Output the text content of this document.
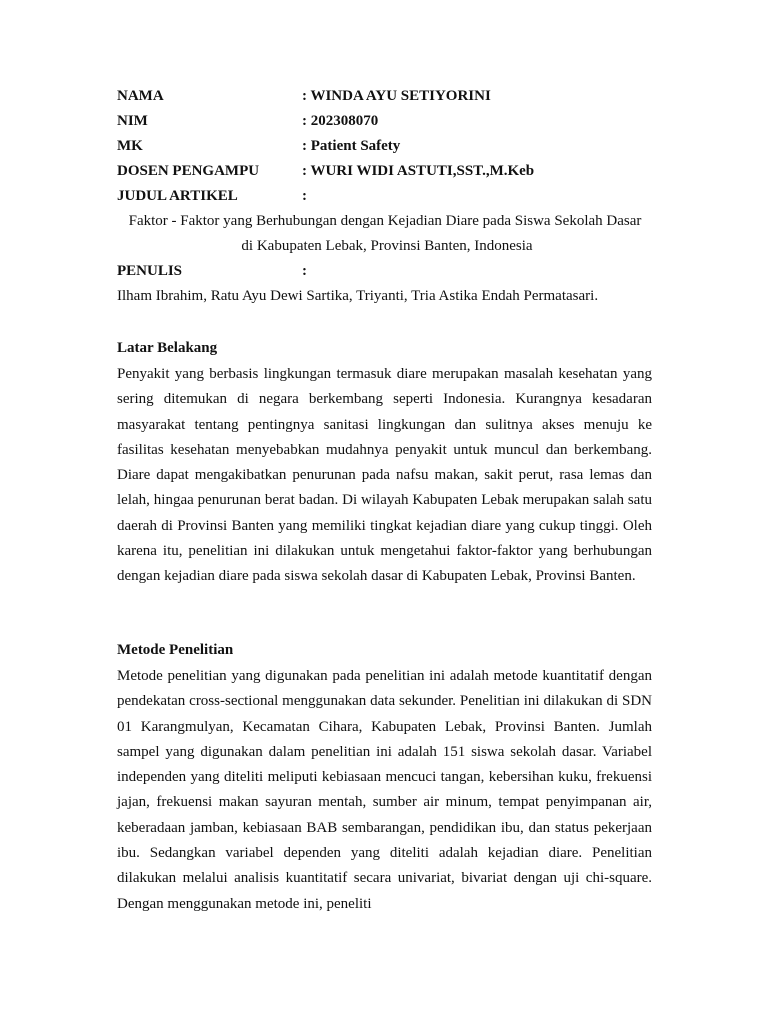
NAMA	: WINDA AYU SETIYORINI
NIM	: 202308070
MK	: Patient Safety
DOSEN PENGAMPU	: WURI WIDI ASTUTI,SST.,M.Keb
JUDUL ARTIKEL	:
Faktor - Faktor yang Berhubungan dengan Kejadian Diare pada Siswa Sekolah Dasar
di Kabupaten Lebak, Provinsi Banten, Indonesia
PENULIS	:
Ilham Ibrahim, Ratu Ayu Dewi Sartika, Triyanti, Tria Astika Endah Permatasari.
Latar Belakang

Penyakit yang berbasis lingkungan termasuk diare merupakan masalah kesehatan yang sering ditemukan di negara berkembang seperti Indonesia. Kurangnya kesadaran masyarakat tentang pentingnya sanitasi lingkungan dan sulitnya akses menuju ke fasilitas kesehatan menyebabkan mudahnya penyakit untuk muncul dan berkembang. Diare dapat mengakibatkan penurunan pada nafsu makan, sakit perut, rasa lemas dan lelah, hingaa penurunan berat badan. Di wilayah Kabupaten Lebak merupakan salah satu daerah di Provinsi Banten yang memiliki tingkat kejadian diare yang cukup tinggi. Oleh karena itu, penelitian ini dilakukan untuk mengetahui faktor-faktor yang berhubungan dengan kejadian diare pada siswa sekolah dasar di Kabupaten Lebak, Provinsi Banten.

Metode Penelitian

Metode penelitian yang digunakan pada penelitian ini adalah metode kuantitatif dengan pendekatan cross-sectional menggunakan data sekunder. Penelitian ini dilakukan di SDN 01 Karangmulyan, Kecamatan Cihara, Kabupaten Lebak, Provinsi Banten. Jumlah sampel yang digunakan dalam penelitian ini adalah 151 siswa sekolah dasar. Variabel independen yang diteliti meliputi kebiasaan mencuci tangan, kebersihan kuku, frekuensi jajan, frekuensi makan sayuran mentah, sumber air minum, tempat penyimpanan air, keberadaan jamban, kebiasaan BAB sembarangan, pendidikan ibu, dan status pekerjaan ibu. Sedangkan variabel dependen yang diteliti adalah kejadian diare. Penelitian dilakukan melalui analisis kuantitatif secara univariat, bivariat dengan uji chi-square. Dengan menggunakan metode ini, peneliti
